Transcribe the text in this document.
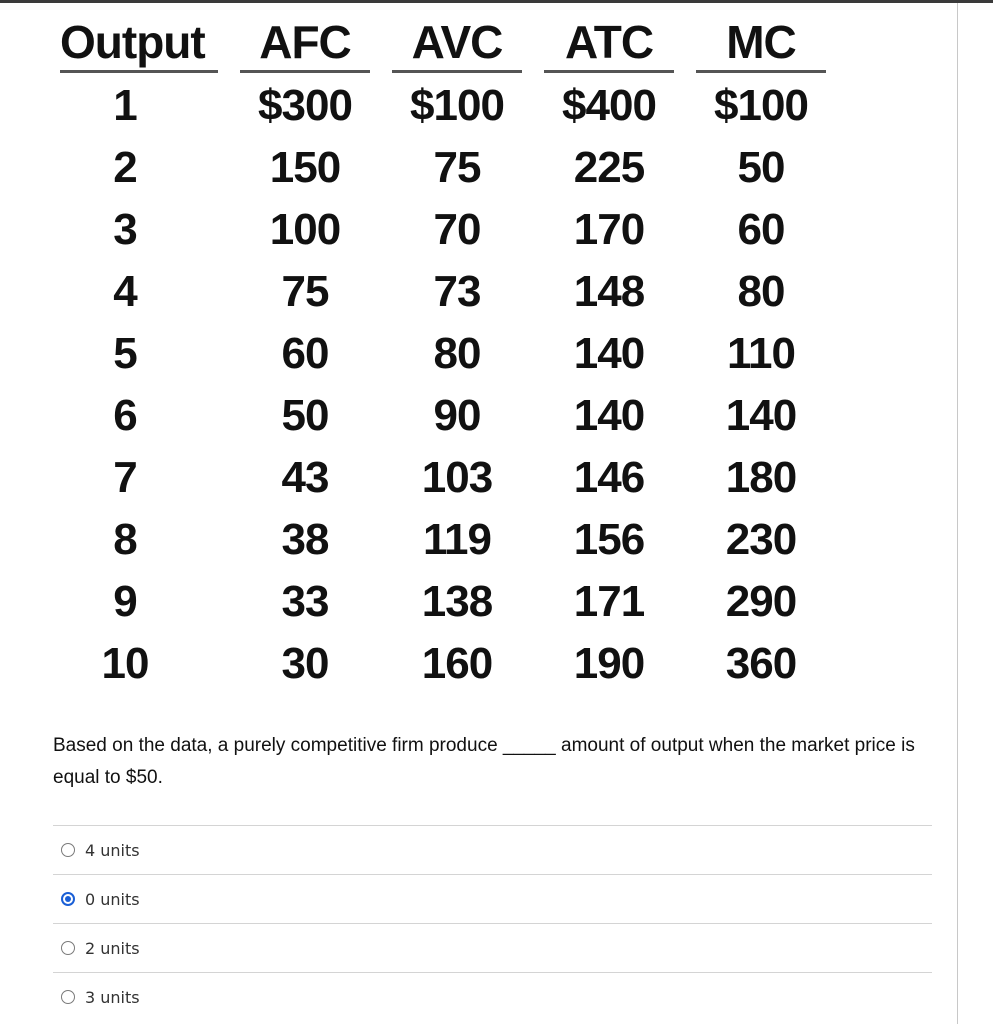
Output
1
2
3
4
5
6
7
8
9
10
AFC
$300
150
100
75
60
50
43
38
33
30
AVC
$100
75
70
73
80
90
103
119
138
160
ATC
$400
225
170
148
140
140
146
156
171
190
MC
$100
50
60
80
110
140
180
230
290
360
Based on the data, a purely competitive firm produce _____ amount of output when the market price is equal to $50.
4 units
0 units
2 units
3 units
